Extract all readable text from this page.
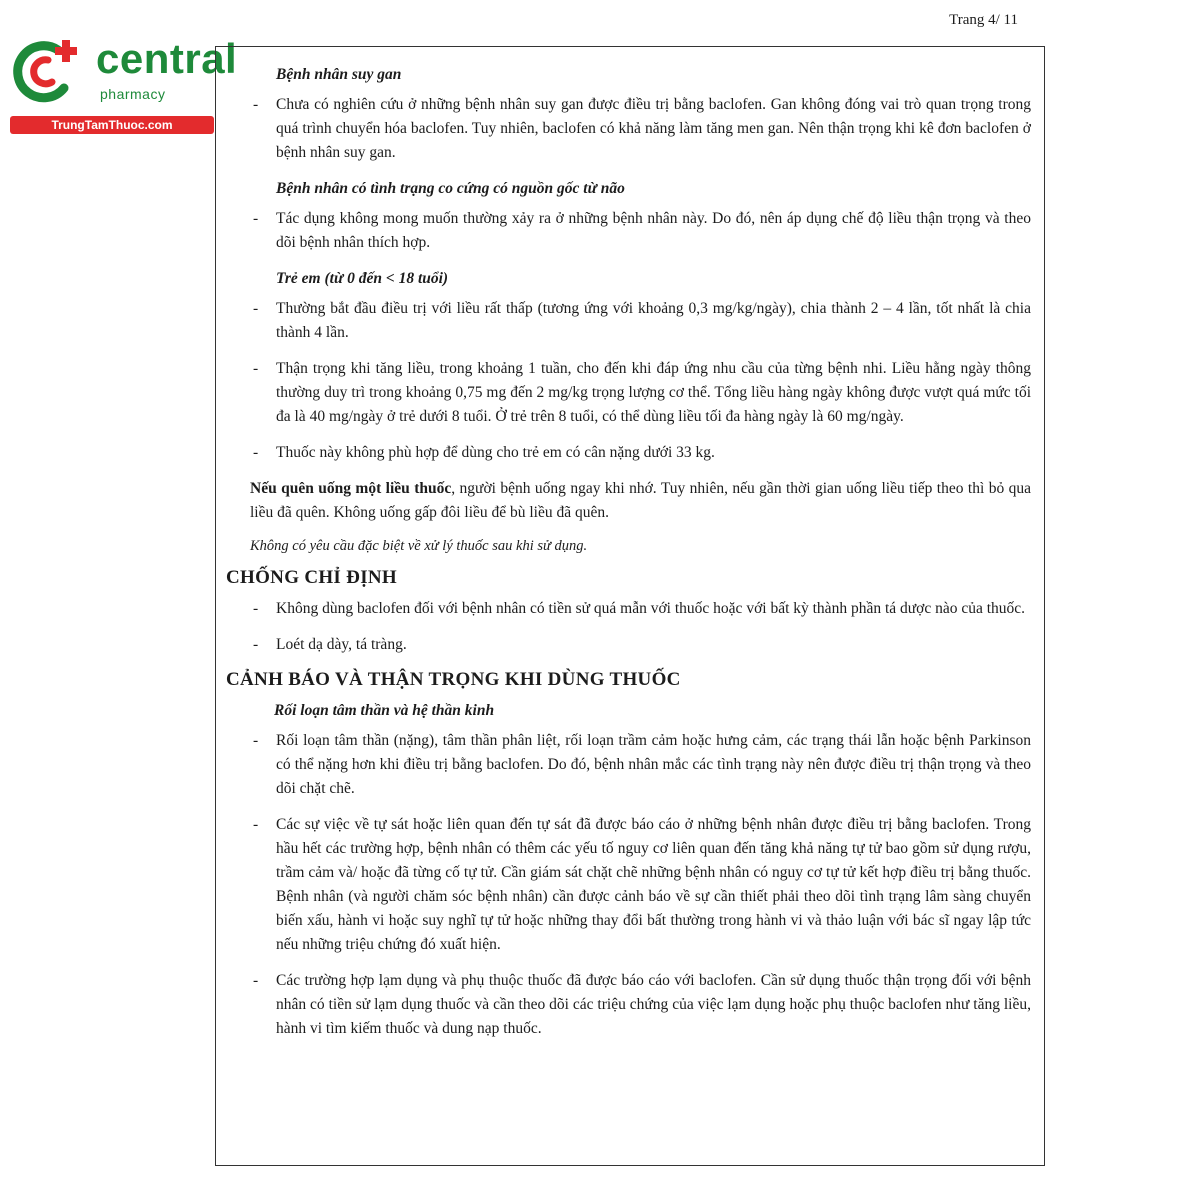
central
pharmacy
TrungTamThuoc.com
Trang 4/ 11
Bệnh nhân suy gan
- Chưa có nghiên cứu ở những bệnh nhân suy gan được điều trị bằng baclofen. Gan không đóng vai trò quan trọng trong quá trình chuyển hóa baclofen. Tuy nhiên, baclofen có khả năng làm tăng men gan. Nên thận trọng khi kê đơn baclofen ở bệnh nhân suy gan.
Bệnh nhân có tình trạng co cứng có nguồn gốc từ não
- Tác dụng không mong muốn thường xảy ra ở những bệnh nhân này. Do đó, nên áp dụng chế độ liều thận trọng và theo dõi bệnh nhân thích hợp.
Trẻ em (từ 0 đến < 18 tuổi)
- Thường bắt đầu điều trị với liều rất thấp (tương ứng với khoảng 0,3 mg/kg/ngày), chia thành 2 – 4 lần, tốt nhất là chia thành 4 lần.
- Thận trọng khi tăng liều, trong khoảng 1 tuần, cho đến khi đáp ứng nhu cầu của từng bệnh nhi. Liều hằng ngày thông thường duy trì trong khoảng 0,75 mg đến 2 mg/kg trọng lượng cơ thể. Tổng liều hàng ngày không được vượt quá mức tối đa là 40 mg/ngày ở trẻ dưới 8 tuổi. Ở trẻ trên 8 tuổi, có thể dùng liều tối đa hàng ngày là 60 mg/ngày.
- Thuốc này không phù hợp để dùng cho trẻ em có cân nặng dưới 33 kg.
Nếu quên uống một liều thuốc, người bệnh uống ngay khi nhớ. Tuy nhiên, nếu gần thời gian uống liều tiếp theo thì bỏ qua liều đã quên. Không uống gấp đôi liều để bù liều đã quên.
Không có yêu cầu đặc biệt về xử lý thuốc sau khi sử dụng.
CHỐNG CHỈ ĐỊNH
- Không dùng baclofen đối với bệnh nhân có tiền sử quá mẫn với thuốc hoặc với bất kỳ thành phần tá dược nào của thuốc.
- Loét dạ dày, tá tràng.
CẢNH BÁO VÀ THẬN TRỌNG KHI DÙNG THUỐC
Rối loạn tâm thần và hệ thần kinh
- Rối loạn tâm thần (nặng), tâm thần phân liệt, rối loạn trầm cảm hoặc hưng cảm, các trạng thái lẫn hoặc bệnh Parkinson có thể nặng hơn khi điều trị bằng baclofen. Do đó, bệnh nhân mắc các tình trạng này nên được điều trị thận trọng và theo dõi chặt chẽ.
- Các sự việc về tự sát hoặc liên quan đến tự sát đã được báo cáo ở những bệnh nhân được điều trị bằng baclofen. Trong hầu hết các trường hợp, bệnh nhân có thêm các yếu tố nguy cơ liên quan đến tăng khả năng tự tử bao gồm sử dụng rượu, trầm cảm và/ hoặc đã từng cố tự tử. Cần giám sát chặt chẽ những bệnh nhân có nguy cơ tự tử kết hợp điều trị bằng thuốc. Bệnh nhân (và người chăm sóc bệnh nhân) cần được cảnh báo về sự cần thiết phải theo dõi tình trạng lâm sàng chuyển biến xấu, hành vi hoặc suy nghĩ tự tử hoặc những thay đổi bất thường trong hành vi và thảo luận với bác sĩ ngay lập tức nếu những triệu chứng đó xuất hiện.
- Các trường hợp lạm dụng và phụ thuộc thuốc đã được báo cáo với baclofen. Cần sử dụng thuốc thận trọng đối với bệnh nhân có tiền sử lạm dụng thuốc và cần theo dõi các triệu chứng của việc lạm dụng hoặc phụ thuộc baclofen như tăng liều, hành vi tìm kiếm thuốc và dung nạp thuốc.
